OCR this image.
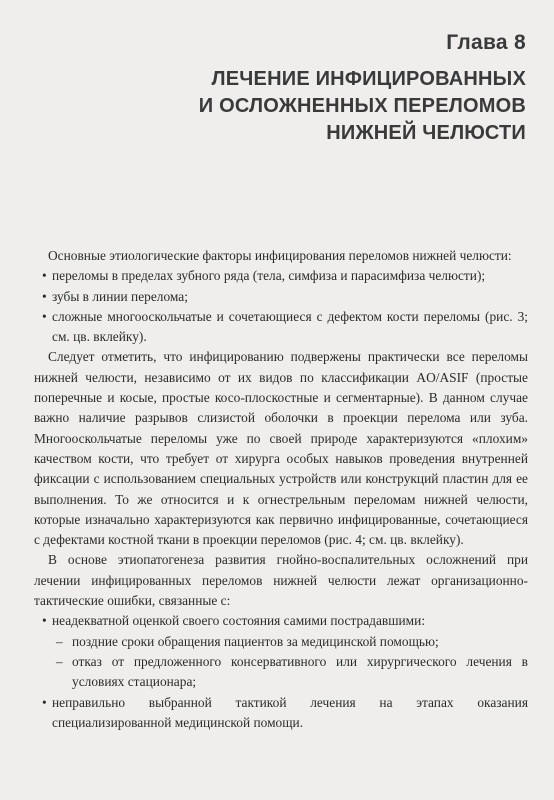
Глава 8
ЛЕЧЕНИЕ ИНФИЦИРОВАННЫХ
И ОСЛОЖНЕННЫХ ПЕРЕЛОМОВ
НИЖНЕЙ ЧЕЛЮСТИ

Основные этиологические факторы инфицирования переломов нижней челюсти:

• переломы в пределах зубного ряда (тела, симфиза и парасимфиза челюсти);
• зубы в линии перелома;
• сложные многооскольчатые и сочетающиеся с дефектом кости переломы (рис. 3; см. цв. вклейку).

Следует отметить, что инфицированию подвержены практически все переломы нижней челюсти, независимо от их видов по классификации AO/ASIF (простые поперечные и косые, простые косо-плоскостные и сегментарные). В данном случае важно наличие разрывов слизистой оболочки в проекции перелома или зуба. Многооскольчатые переломы уже по своей природе характеризуются «плохим» качеством кости, что требует от хирурга особых навыков проведения внутренней фиксации с использованием специальных устройств или конструкций пластин для ее выполнения. То же относится и к огнестрельным переломам нижней челюсти, которые изначально характеризуются как первично инфицированные, сочетающиеся с дефектами костной ткани в проекции переломов (рис. 4; см. цв. вклейку).

В основе этиопатогенеза развития гнойно-воспалительных осложнений при лечении инфицированных переломов нижней челюсти лежат организационно-тактические ошибки, связанные с:

• неадекватной оценкой своего состояния самими пострадавшими:
– поздние сроки обращения пациентов за медицинской помощью;
– отказ от предложенного консервативного или хирургического лечения в условиях стационара;
• неправильно выбранной тактикой лечения на этапах оказания специализированной медицинской помощи.
